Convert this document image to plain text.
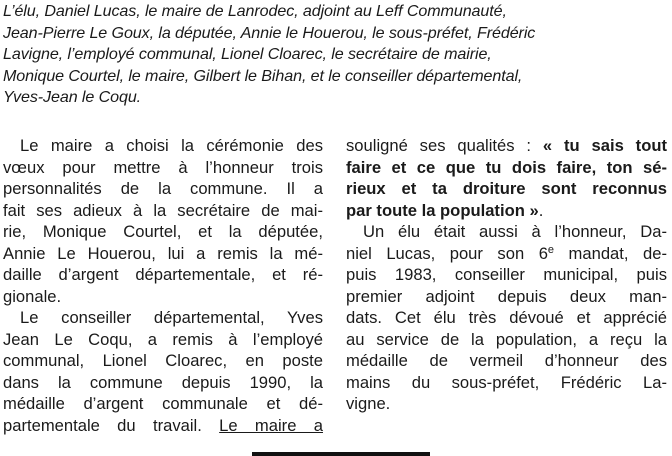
L’élu, Daniel Lucas, le maire de Lanrodec, adjoint au Leff Communauté,
Jean-Pierre Le Goux, la députée, Annie le Houerou, le sous-préfet, Frédéric
Lavigne, l’employé communal, Lionel Cloarec, le secrétaire de mairie,
Monique Courtel, le maire, Gilbert le Bihan, et le conseiller départemental,
Yves-Jean le Coqu.
Le maire a choisi la cérémonie des
vœux pour mettre à l’honneur trois
personnalités de la commune. Il a
fait ses adieux à la secrétaire de mai-
rie, Monique Courtel, et la députée,
Annie Le Houerou, lui a remis la mé-
daille d’argent départementale, et ré-
gionale.
Le conseiller départemental, Yves
Jean Le Coqu, a remis à l’employé
communal, Lionel Cloarec, en poste
dans la commune depuis 1990, la
médaille d’argent communale et dé-
partementale du travail. Le maire a
souligné ses qualités : « tu sais tout
faire et ce que tu dois faire, ton sé-
rieux et ta droiture sont reconnus
par toute la population ».
Un élu était aussi à l’honneur, Da-
niel Lucas, pour son 6e mandat, de-
puis 1983, conseiller municipal, puis
premier adjoint depuis deux man-
dats. Cet élu très dévoué et apprécié
au service de la population, a reçu la
médaille de vermeil d’honneur des
mains du sous-préfet, Frédéric La-
vigne.
